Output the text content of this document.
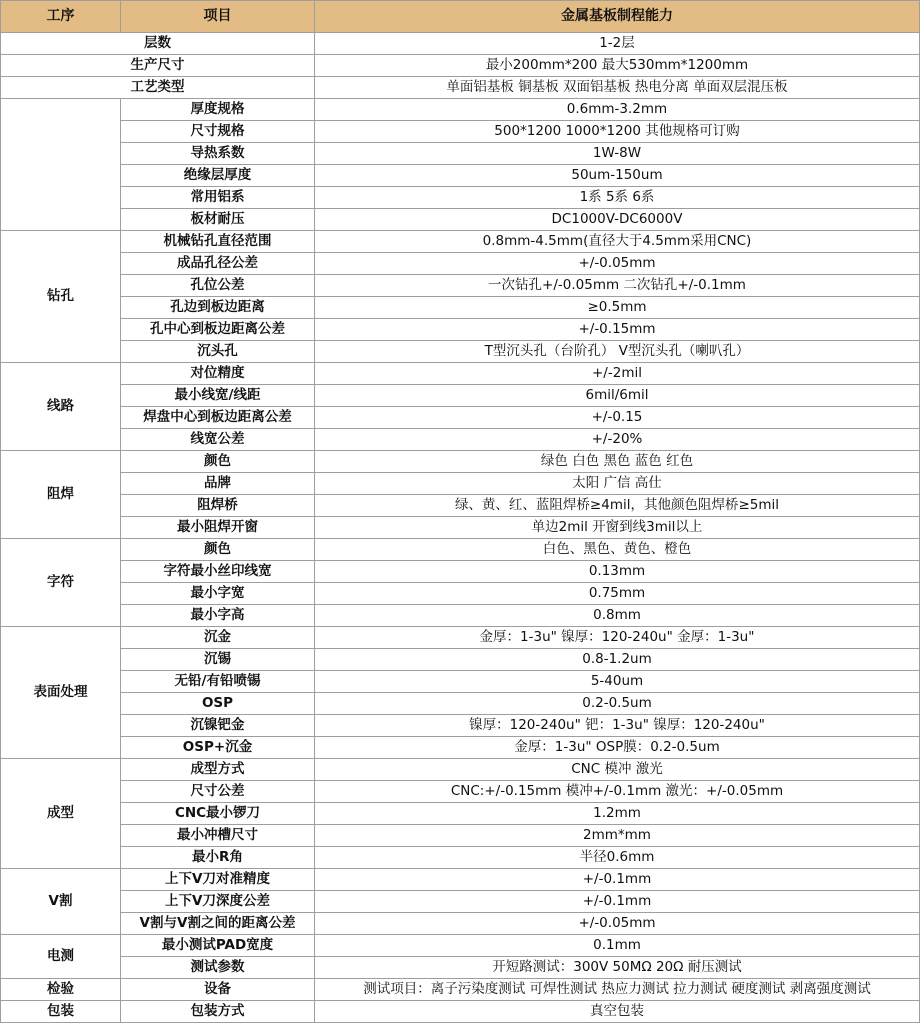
工序	项目	金属基板制程能力
层数		1-2层
生产尺寸		最小200mm*200 最大530mm*1200mm
工艺类型		单面铝基板 铜基板 双面铝基板 热电分离 单面双层混压板
	厚度规格	0.6mm-3.2mm
	尺寸规格	500*1200 1000*1200 其他规格可订购
	导热系数	1W-8W
	绝缘层厚度	50um-150um
	常用铝系	1系 5系 6系
	板材耐压	DC1000V-DC6000V
钻孔	机械钻孔直径范围	0.8mm-4.5mm(直径大于4.5mm采用CNC)
	成品孔径公差	+/-0.05mm
	孔位公差	一次钻孔+/-0.05mm 二次钻孔+/-0.1mm
	孔边到板边距离	≥0.5mm
	孔中心到板边距离公差	+/-0.15mm
	沉头孔	T型沉头孔（台阶孔） V型沉头孔（喇叭孔）
线路	对位精度	+/-2mil
	最小线宽/线距	6mil/6mil
	焊盘中心到板边距离公差	+/-0.15
	线宽公差	+/-20%
阻焊	颜色	绿色 白色 黑色 蓝色 红色
	品牌	太阳 广信 高仕
	阻焊桥	绿、黄、红、蓝阻焊桥≥4mil，其他颜色阻焊桥≥5mil
	最小阻焊开窗	单边2mil 开窗到线3mil以上
字符	颜色	白色、黑色、黄色、橙色
	字符最小丝印线宽	0.13mm
	最小字宽	0.75mm
	最小字高	0.8mm
表面处理	沉金	金厚：1-3u" 镍厚：120-240u" 金厚：1-3u"
	沉锡	0.8-1.2um
	无铅/有铅喷锡	5-40um
	OSP	0.2-0.5um
	沉镍钯金	镍厚：120-240u" 钯：1-3u" 镍厚：120-240u"
	OSP+沉金	金厚：1-3u" OSP膜：0.2-0.5um
成型	成型方式	CNC 模冲 激光
	尺寸公差	CNC:+/-0.15mm 模冲+/-0.1mm 激光：+/-0.05mm
	CNC最小锣刀	1.2mm
	最小冲槽尺寸	2mm*mm
	最小R角	半径0.6mm
V割	上下V刀对准精度	+/-0.1mm
	上下V刀深度公差	+/-0.1mm
	V割与V割之间的距离公差	+/-0.05mm
电测	最小测试PAD宽度	0.1mm
	测试参数	开短路测试：300V 50MΩ 20Ω 耐压测试
检验	设备	测试项目：离子污染度测试 可焊性测试 热应力测试 拉力测试 硬度测试 剥离强度测试
包装	包装方式	真空包装
